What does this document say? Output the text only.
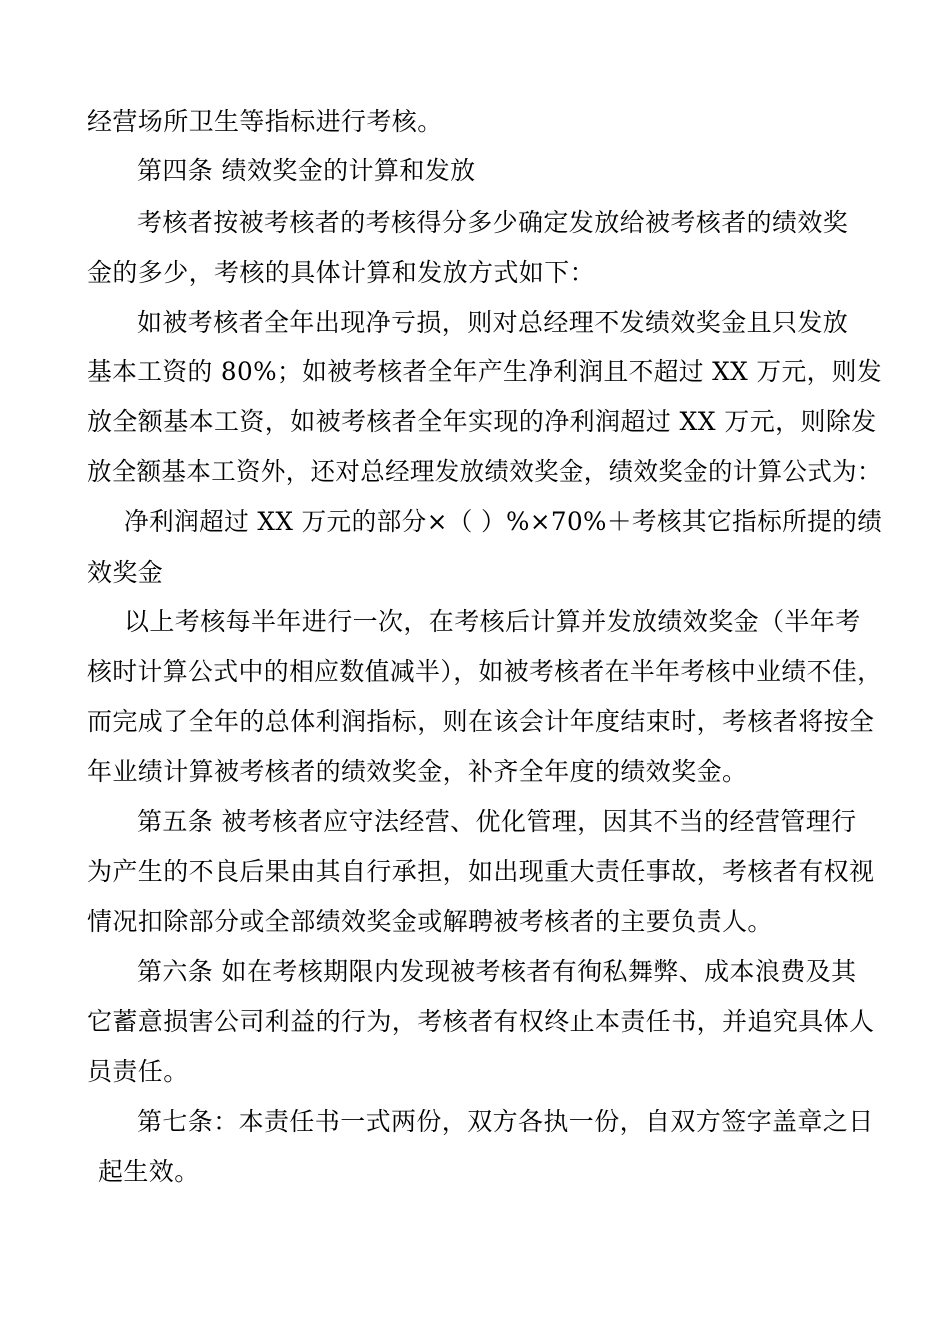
经营场所卫生等指标进行考核。

第四条 绩效奖金的计算和发放

考核者按被考核者的考核得分多少确定发放给被考核者的绩效奖

金的多少，考核的具体计算和发放方式如下：

如被考核者全年出现净亏损，则对总经理不发绩效奖金且只发放

基本工资的 80%；如被考核者全年产生净利润且不超过 XX 万元，则发

放全额基本工资，如被考核者全年实现的净利润超过 XX 万元，则除发

放全额基本工资外，还对总经理发放绩效奖金，绩效奖金的计算公式为：

净利润超过 XX 万元的部分×（ ）%×70%＋考核其它指标所提的绩

效奖金

以上考核每半年进行一次，在考核后计算并发放绩效奖金（半年考

核时计算公式中的相应数值减半），如被考核者在半年考核中业绩不佳，

而完成了全年的总体利润指标，则在该会计年度结束时，考核者将按全

年业绩计算被考核者的绩效奖金，补齐全年度的绩效奖金。

第五条 被考核者应守法经营、优化管理，因其不当的经营管理行

为产生的不良后果由其自行承担，如出现重大责任事故，考核者有权视

情况扣除部分或全部绩效奖金或解聘被考核者的主要负责人。

第六条 如在考核期限内发现被考核者有徇私舞弊、成本浪费及其

它蓄意损害公司利益的行为，考核者有权终止本责任书，并追究具体人

员责任。

第七条：本责任书一式两份，双方各执一份，自双方签字盖章之日

起生效。
